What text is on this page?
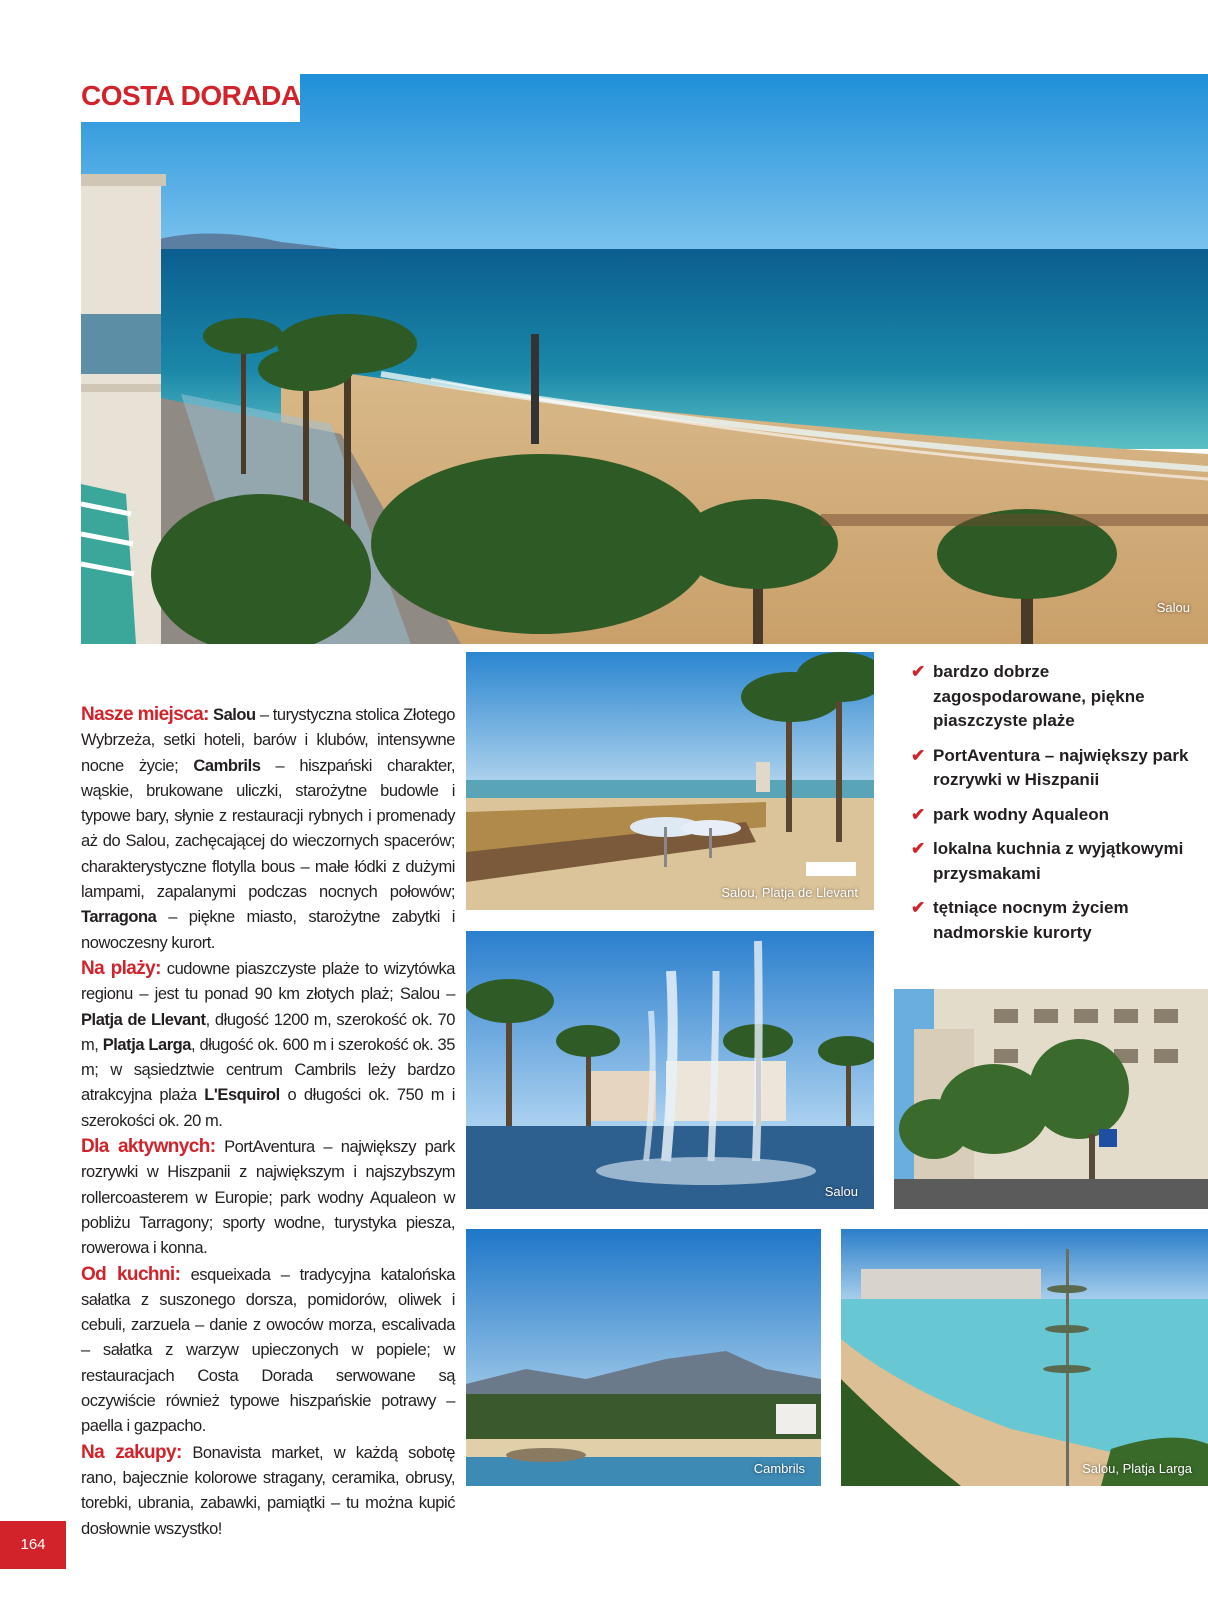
COSTA DORADA
Salou
Salou, Platja de Llevant
Salou
Cambrils	Salou, Platja Larga

Nasze miejsca: Salou – turystyczna stolica Złotego Wybrzeża, setki hoteli, barów i klubów, intensywne nocne życie; Cambrils – hiszpański charakter, wąskie, brukowane uliczki, starożytne budowle i typowe bary, słynie z restauracji rybnych i promenady aż do Salou, zachęcającej do wieczornych spacerów; charakterystyczne flotylla bous – małe łódki z dużymi lampami, zapalanymi podczas nocnych połowów; Tarragona – piękne miasto, starożytne zabytki i nowoczesny kurort.

Na plaży: cudowne piaszczyste plaże to wizytówka regionu – jest tu ponad 90 km złotych plaż; Salou – Platja de Llevant, długość 1200 m, szerokość ok. 70 m, Platja Larga, długość ok. 600 m i szerokość ok. 35 m; w sąsiedztwie centrum Cambrils leży bardzo atrakcyjna plaża L'Esquirol o długości ok. 750 m i szerokości ok. 20 m.

Dla aktywnych: PortAventura – największy park rozrywki w Hiszpanii z największym i najszybszym rollercoasterem w Europie; park wodny Aqualeon w pobliżu Tarragony; sporty wodne, turystyka piesza, rowerowa i konna.

Od kuchni: esqueixada – tradycyjna katalońska sałatka z suszonego dorsza, pomidorów, oliwek i cebuli, zarzuela – danie z owoców morza, escalivada – sałatka z warzyw upieczonych w popiele; w restauracjach Costa Dorada serwowane są oczywiście również typowe hiszpańskie potrawy – paella i gazpacho.

Na zakupy: Bonavista market, w każdą sobotę rano, bajecznie kolorowe stragany, ceramika, obrusy, torebki, ubrania, zabawki, pamiątki – tu można kupić dosłownie wszystko!

✔ bardzo dobrze zagospodarowane, piękne piaszczyste plaże
✔ PortAventura – największy park rozrywki w Hiszpanii
✔ park wodny Aqualeon
✔ lokalna kuchnia z wyjątkowymi przysmakami
✔ tętniące nocnym życiem nadmorskie kurorty
164
